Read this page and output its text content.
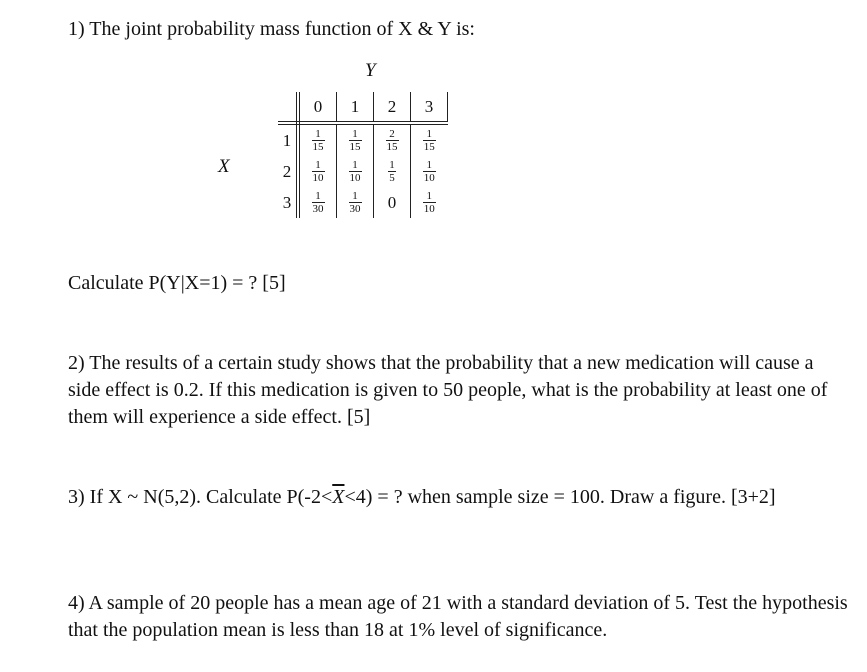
1) The joint probability mass function of X & Y is:
Y
X
	0	1	2	3
1	$\frac{1}{15}$	$\frac{1}{15}$	$\frac{2}{15}$	$\frac{1}{15}$

2	$\frac{1}{10}$	$\frac{1}{10}$	$\frac{1}{5}$	$\frac{1}{10}$

3	$\frac{1}{30}$	$\frac{1}{30}$	0	$\frac{1}{10}$
Calculate P(Y|X=1) = ? [5]
2) The results of a certain study shows that the probability that a new medication will cause a side effect is 0.2. If this medication is given to 50 people, what is the probability at least one of them will experience a side effect. [5]
3) If X ~ N(5,2). Calculate $P(-2<\overline{X}<4)$ = ? when sample size = 100. Draw a figure. [3+2]
4) A sample of 20 people has a mean age of 21 with a standard deviation of 5. Test the hypothesis that the population mean is less than 18 at 1% level of significance.
